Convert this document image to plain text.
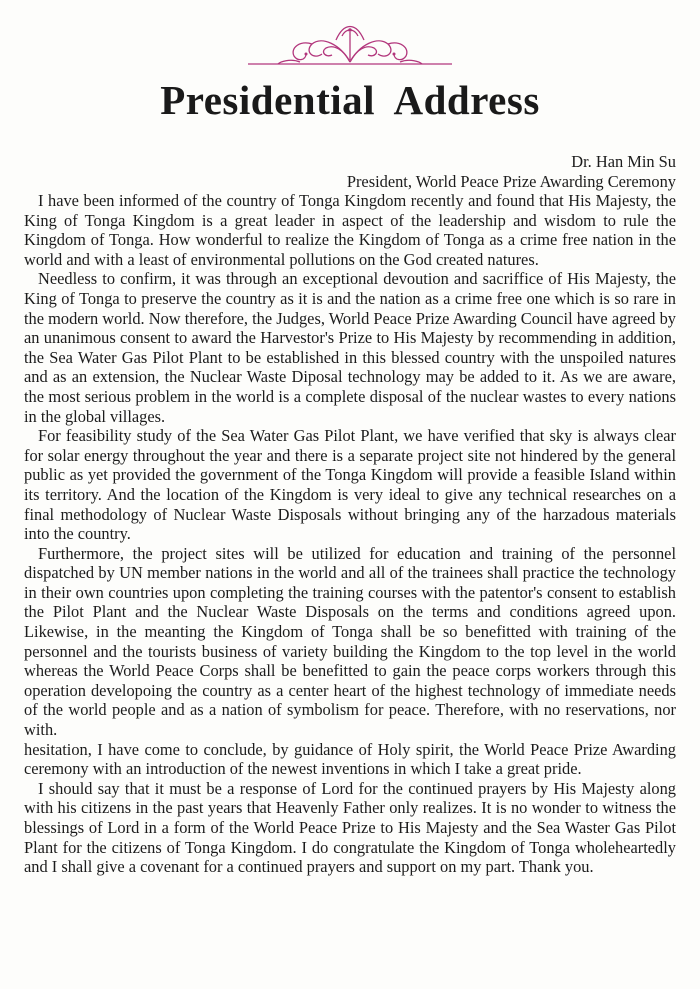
Presidential Address
Dr. Han Min Su
President, World Peace Prize Awarding Ceremony

I have been informed of the country of Tonga Kingdom recently and found that His Majesty, the King of Tonga Kingdom is a great leader in aspect of the leadership and wisdom to rule the Kingdom of Tonga. How wonderful to realize the Kingdom of Tonga as a crime free nation in the world and with a least of environmental pollutions on the God created natures.

Needless to confirm, it was through an exceptional devoution and sacriffice of His Majesty, the King of Tonga to preserve the country as it is and the nation as a crime free one which is so rare in the modern world. Now therefore, the Judges, World Peace Prize Awarding Council have agreed by an unanimous consent to award the Harvestor's Prize to His Majesty by recommending in addition, the Sea Water Gas Pilot Plant to be established in this blessed country with the unspoiled natures and as an extension, the Nuclear Waste Diposal technology may be added to it. As we are aware, the most serious problem in the world is a complete disposal of the nuclear wastes to every nations in the global villages.

For feasibility study of the Sea Water Gas Pilot Plant, we have verified that sky is always clear for solar energy throughout the year and there is a separate project site not hindered by the general public as yet provided the government of the Tonga Kingdom will provide a feasible Island within its territory. And the location of the Kingdom is very ideal to give any technical researches on a final methodology of Nuclear Waste Disposals without bringing any of the harzadous materials into the country.

Furthermore, the project sites will be utilized for education and training of the personnel dispatched by UN member nations in the world and all of the trainees shall practice the technology in their own countries upon completing the training courses with the patentor's consent to establish the Pilot Plant and the Nuclear Waste Disposals on the terms and conditions agreed upon. Likewise, in the meanting the Kingdom of Tonga shall be so benefitted with training of the personnel and the tourists business of variety building the Kingdom to the top level in the world whereas the World Peace Corps shall be benefitted to gain the peace corps workers through this operation developoing the country as a center heart of the highest technology of immediate needs of the world people and as a nation of symbolism for peace. Therefore, with no reservations, nor with.

hesitation, I have come to conclude, by guidance of Holy spirit, the World Peace Prize Awarding ceremony with an introduction of the newest inventions in which I take a great pride.

I should say that it must be a response of Lord for the continued prayers by His Majesty along with his citizens in the past years that Heavenly Father only realizes. It is no wonder to witness the blessings of Lord in a form of the World Peace Prize to His Majesty and the Sea Waster Gas Pilot Plant for the citizens of Tonga Kingdom. I do congratulate the Kingdom of Tonga wholeheartedly and I shall give a covenant for a continued prayers and support on my part. Thank you.
